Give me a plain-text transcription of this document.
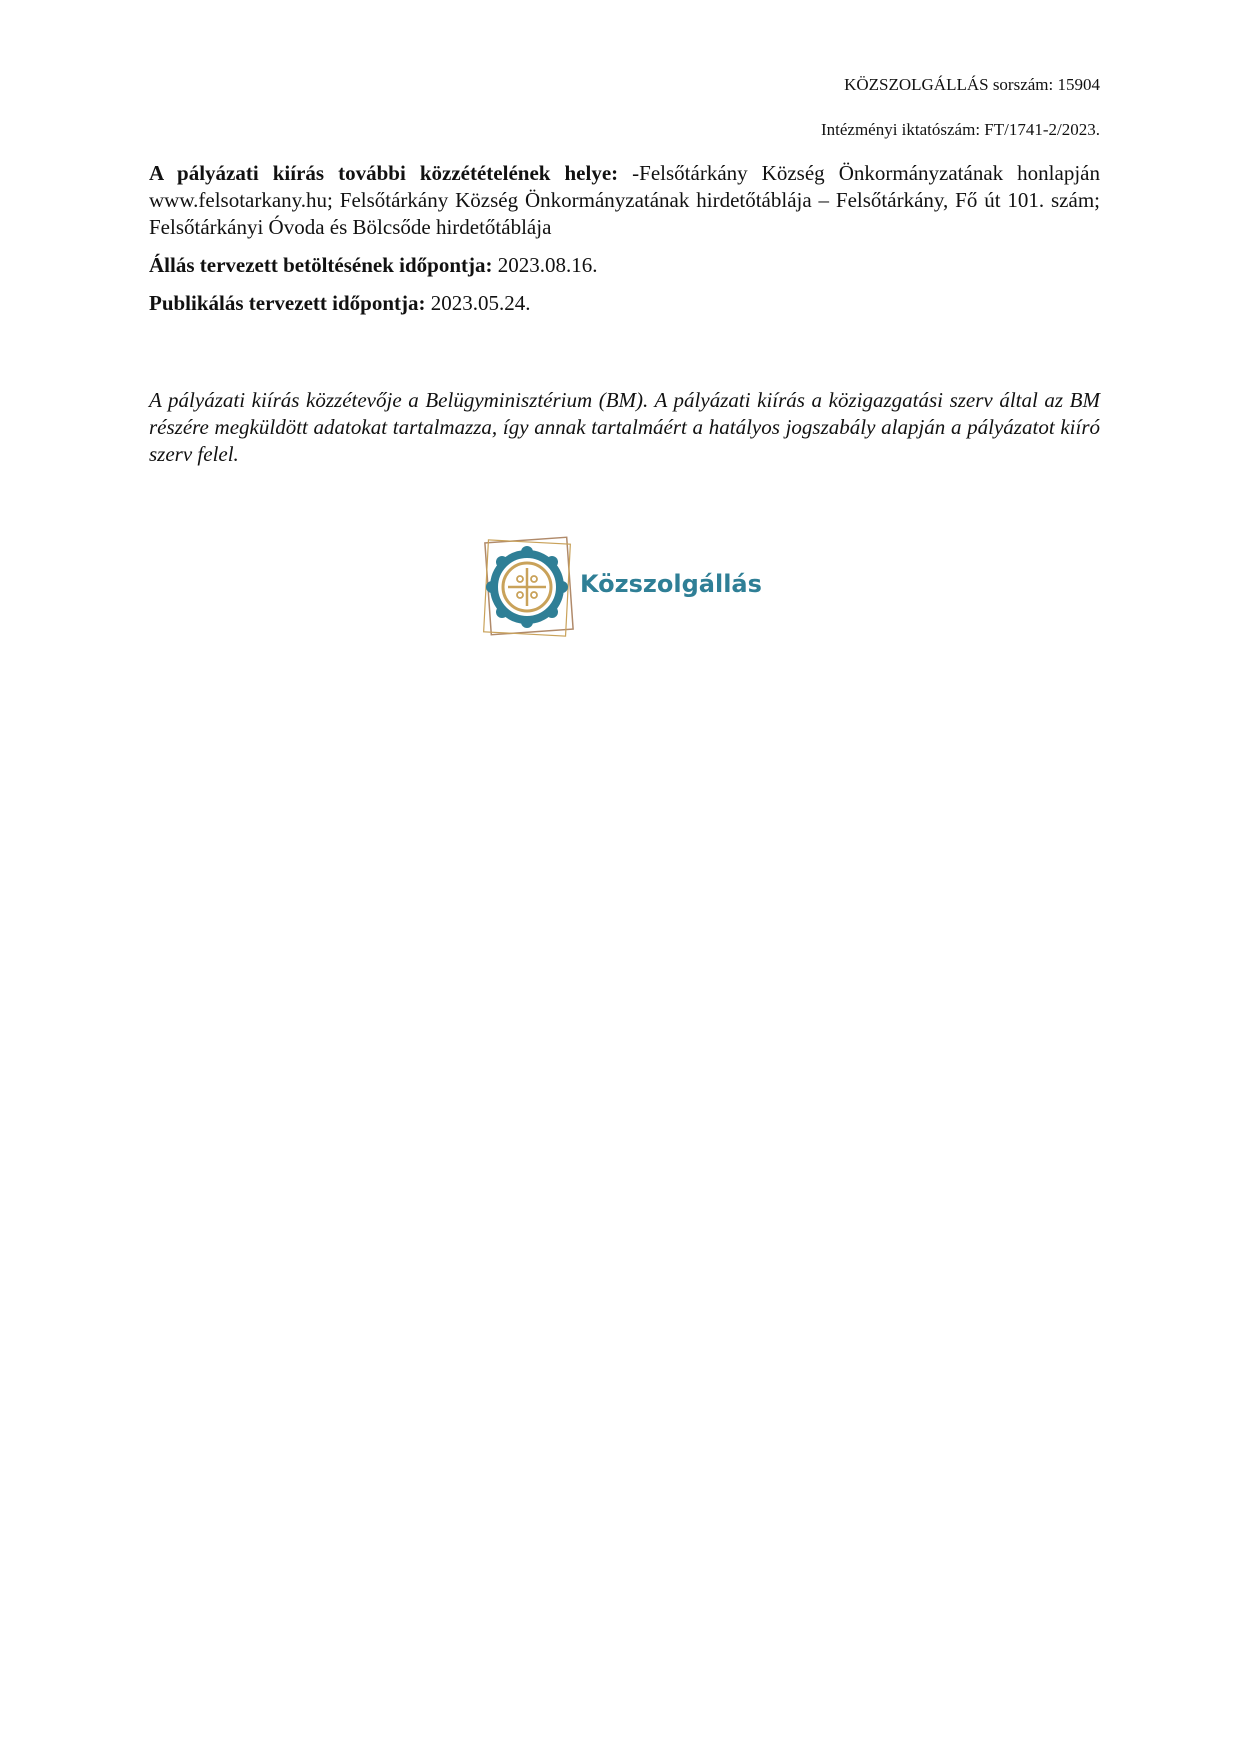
KÖZSZOLGÁLLÁS sorszám: 15904
Intézményi iktatószám: FT/1741-2/2023.
A pályázati kiírás további közzétételének helye: -Felsőtárkány Község Önkormányzatának honlapján www.felsotarkany.hu; Felsőtárkány Község Önkormányzatának hirdetőtáblája – Felsőtárkány, Fő út 101. szám; Felsőtárkányi Óvoda és Bölcsőde hirdetőtáblája
Állás tervezett betöltésének időpontja: 2023.08.16.
Publikálás tervezett időpontja: 2023.05.24.
A pályázati kiírás közzétevője a Belügyminisztérium (BM). A pályázati kiírás a közigazgatási szerv által az BM részére megküldött adatokat tartalmazza, így annak tartalmáért a hatályos jogszabály alapján a pályázatot kiíró szerv felel.
Közszolgállás
